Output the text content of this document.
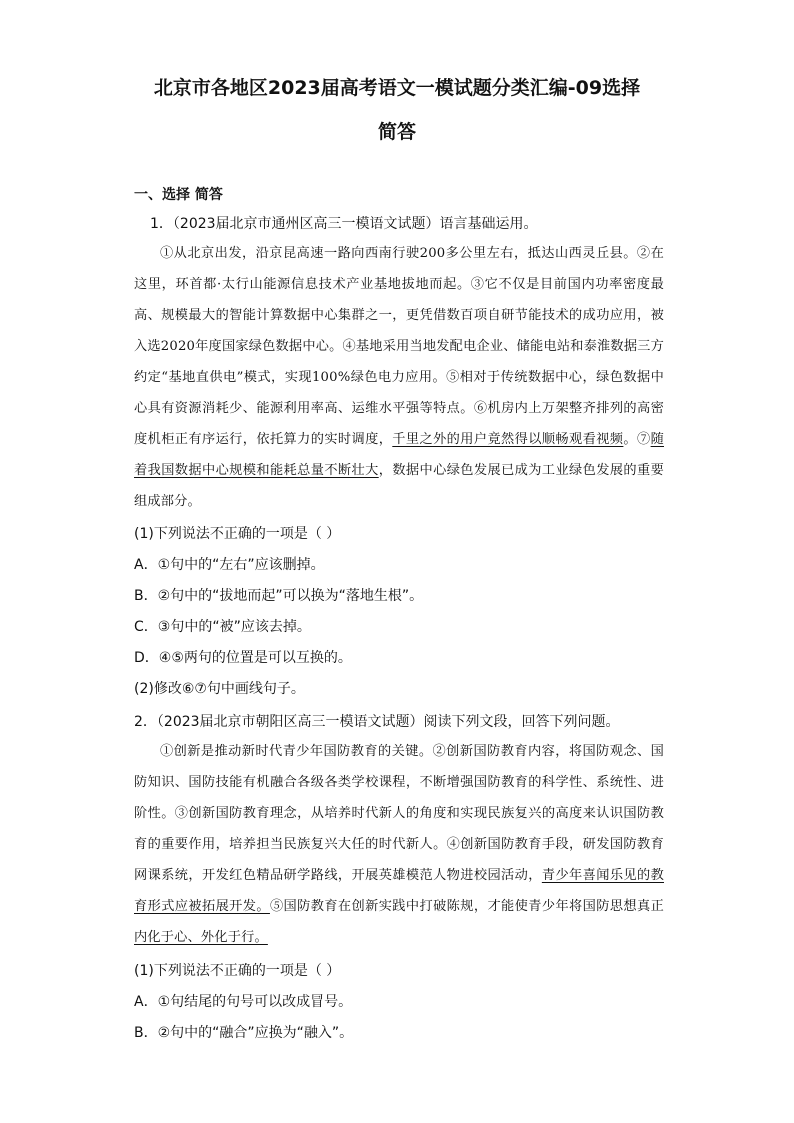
北京市各地区2023届高考语文一模试题分类汇编-09选择
简答
一、选择 简答
1．（2023届北京市通州区高三一模语文试题）语言基础运用。

①从北京出发，沿京昆高速一路向西南行驶200多公里左右，抵达山西灵丘县。②在这里，环首都·太行山能源信息技术产业基地拔地而起。③它不仅是目前国内功率密度最高、规模最大的智能计算数据中心集群之一，更凭借数百项自研节能技术的成功应用，被入选2020年度国家绿色数据中心。④基地采用当地发配电企业、储能电站和泰淮数据三方约定“基地直供电”模式，实现100%绿色电力应用。⑤相对于传统数据中心，绿色数据中心具有资源消耗少、能源利用率高、运维水平强等特点。⑥机房内上万架整齐排列的高密度机柜正有序运行，依托算力的实时调度，千里之外的用户竟然得以顺畅观看视频。⑦随着我国数据中心规模和能耗总量不断壮大，数据中心绿色发展已成为工业绿色发展的重要组成部分。

(1)下列说法不正确的一项是（ ）
A．①句中的“左右”应该删掉。
B．②句中的“拔地而起”可以换为“落地生根”。
C．③句中的“被”应该去掉。
D．④⑤两句的位置是可以互换的。
(2)修改⑥⑦句中画线句子。
2．（2023届北京市朝阳区高三一模语文试题）阅读下列文段，回答下列问题。

①创新是推动新时代青少年国防教育的关键。②创新国防教育内容，将国防观念、国防知识、国防技能有机融合各级各类学校课程，不断增强国防教育的科学性、系统性、进阶性。③创新国防教育理念，从培养时代新人的角度和实现民族复兴的高度来认识国防教育的重要作用，培养担当民族复兴大任的时代新人。④创新国防教育手段，研发国防教育网课系统，开发红色精品研学路线，开展英雄模范人物进校园活动，青少年喜闻乐见的教育形式应被拓展开发。⑤国防教育在创新实践中打破陈规，才能使青少年将国防思想真正内化于心、外化于行。

(1)下列说法不正确的一项是（ ）
A．①句结尾的句号可以改成冒号。
B．②句中的“融合”应换为“融入”。
